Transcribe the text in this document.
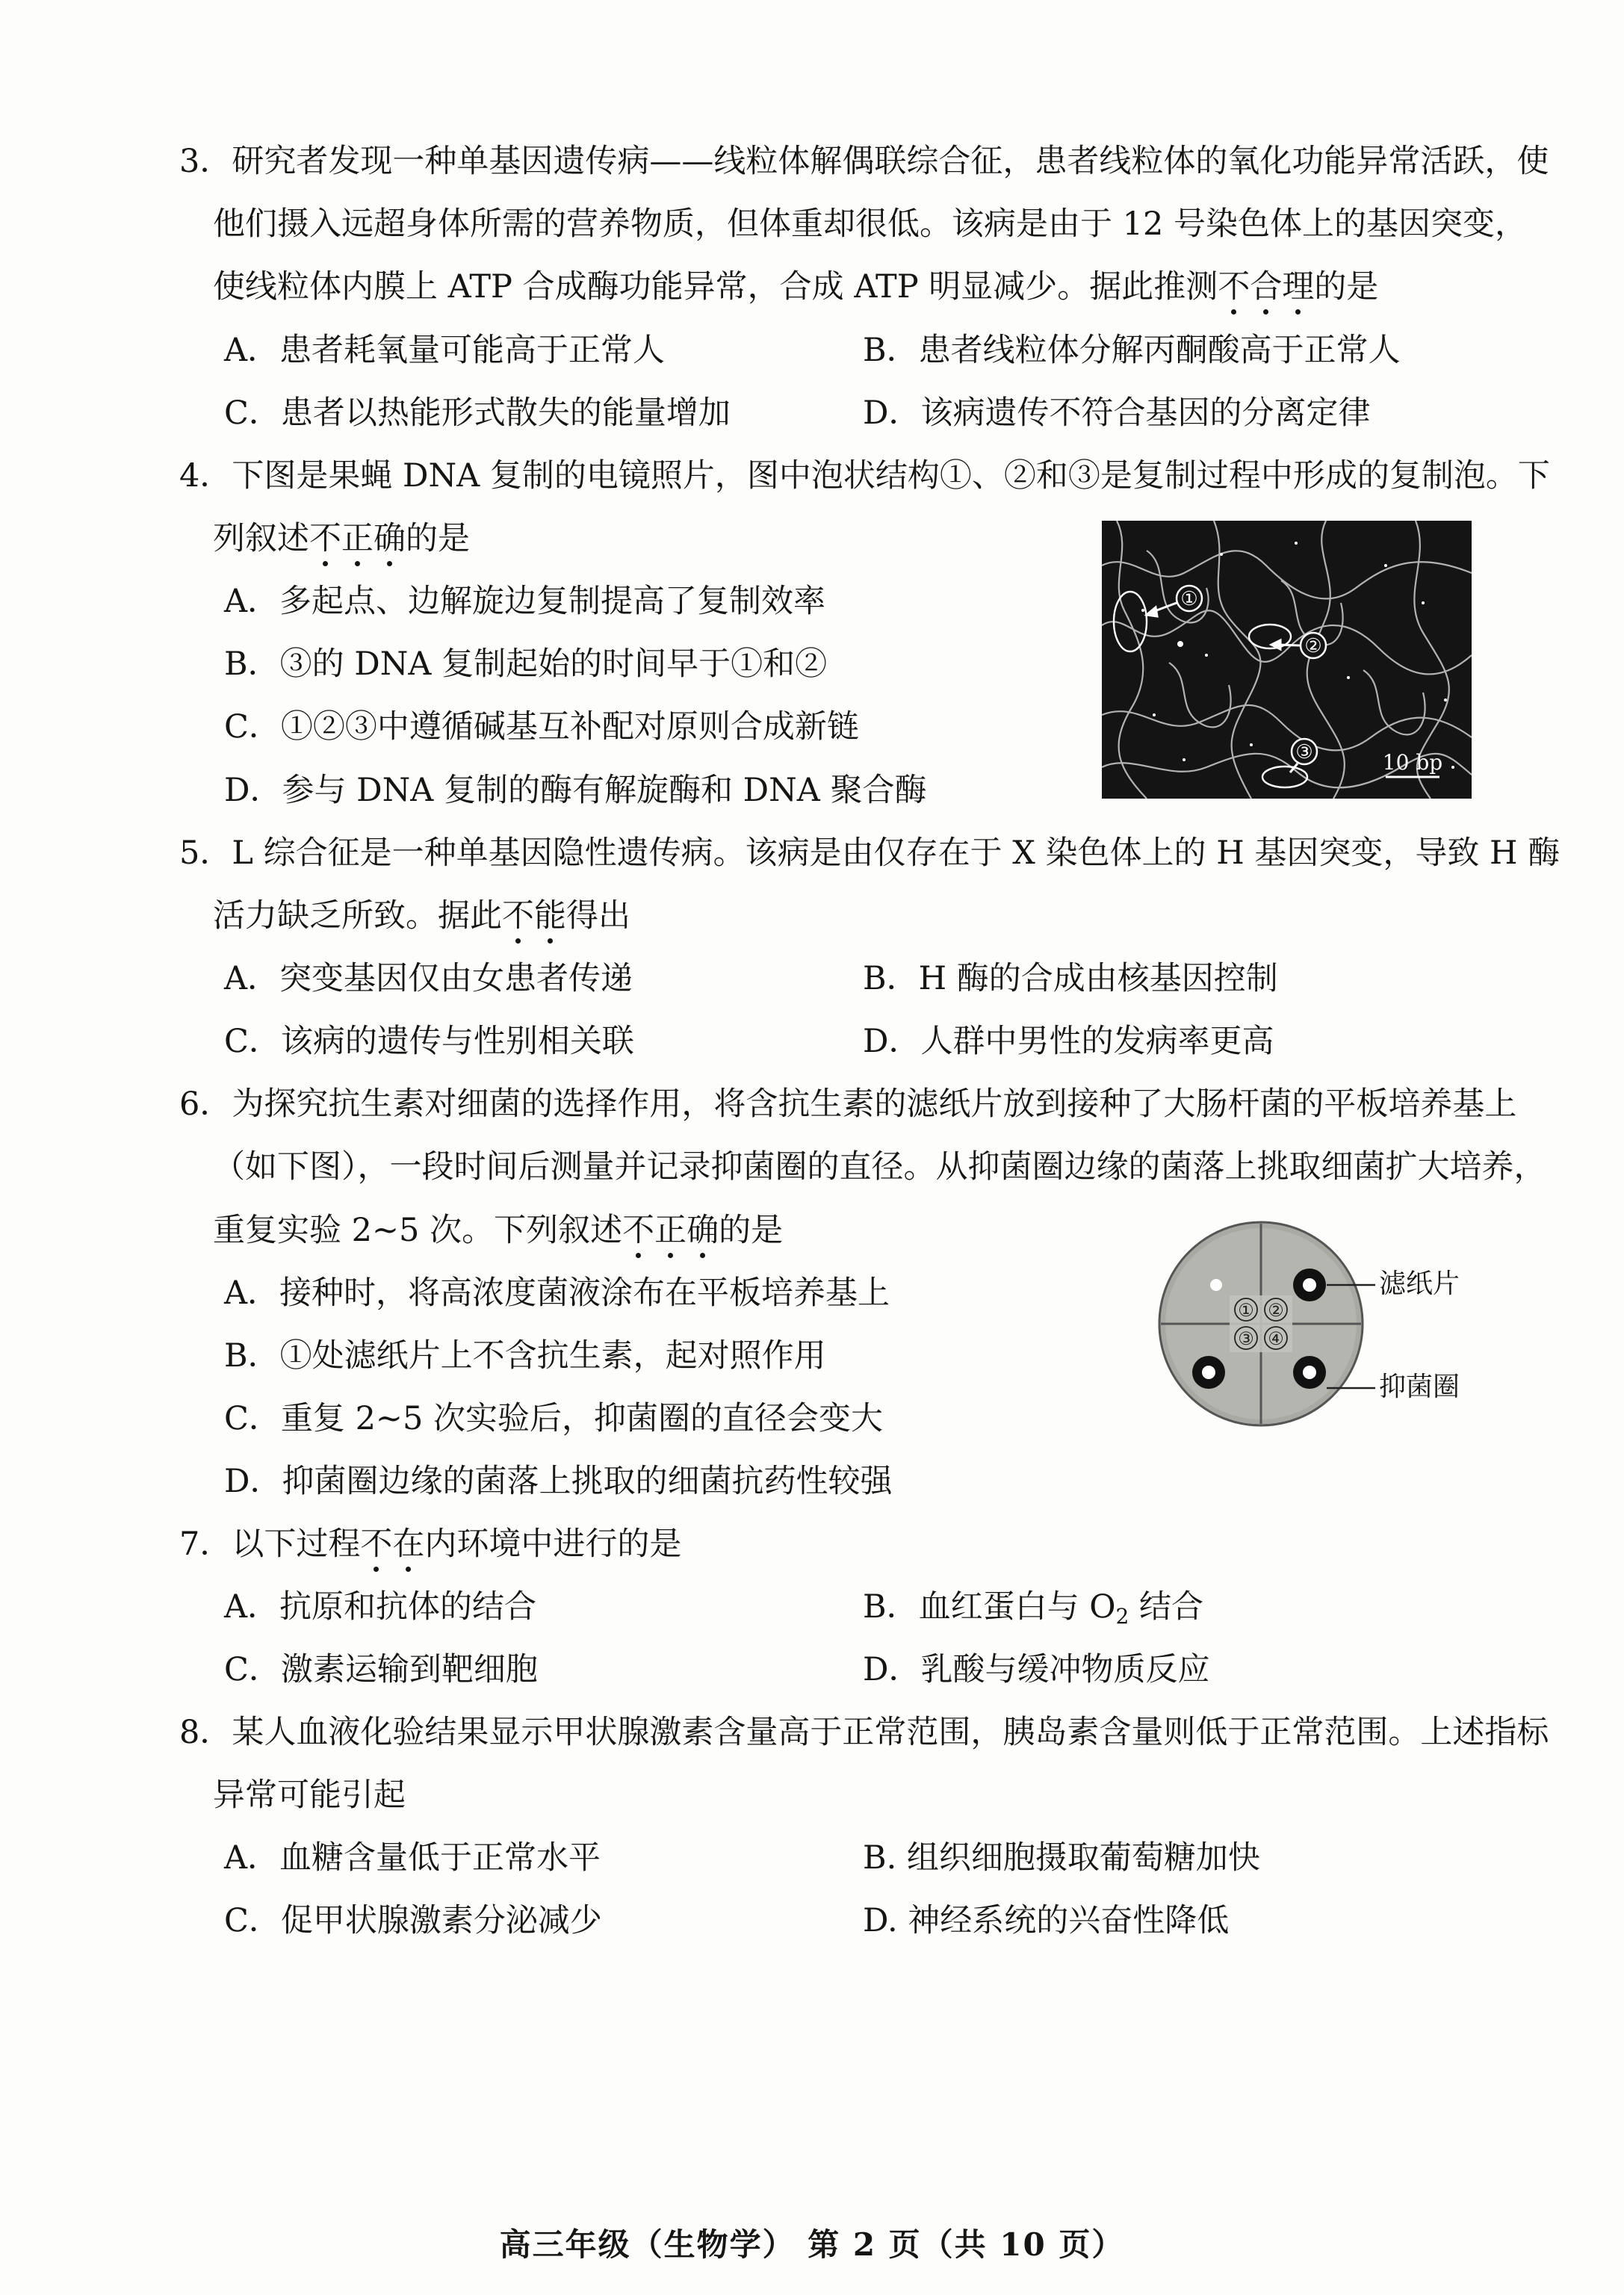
3．研究者发现一种单基因遗传病——线粒体解偶联综合征，患者线粒体的氧化功能异常活跃，使
他们摄入远超身体所需的营养物质，但体重却很低。该病是由于 12 号染色体上的基因突变，
使线粒体内膜上 ATP 合成酶功能异常，合成 ATP 明显减少。据此推测不合理的是
A．患者耗氧量可能高于正常人	B．患者线粒体分解丙酮酸高于正常人
C．患者以热能形式散失的能量增加	D．该病遗传不符合基因的分离定律
4．下图是果蝇 DNA 复制的电镜照片，图中泡状结构①、②和③是复制过程中形成的复制泡。下
列叙述不正确的是
A．多起点、边解旋边复制提高了复制效率
B．③的 DNA 复制起始的时间早于①和②
C．①②③中遵循碱基互补配对原则合成新链
D．参与 DNA 复制的酶有解旋酶和 DNA 聚合酶
①
②
③	10 bp
5．L 综合征是一种单基因隐性遗传病。该病是由仅存在于 X 染色体上的 H 基因突变，导致 H 酶
活力缺乏所致。据此不能得出
A．突变基因仅由女患者传递	B．H 酶的合成由核基因控制
C．该病的遗传与性别相关联	D．人群中男性的发病率更高
6．为探究抗生素对细菌的选择作用，将含抗生素的滤纸片放到接种了大肠杆菌的平板培养基上
（如下图），一段时间后测量并记录抑菌圈的直径。从抑菌圈边缘的菌落上挑取细菌扩大培养，
重复实验 2~5 次。下列叙述不正确的是
A．接种时，将高浓度菌液涂布在平板培养基上
B．①处滤纸片上不含抗生素，起对照作用
C．重复 2~5 次实验后，抑菌圈的直径会变大
D．抑菌圈边缘的菌落上挑取的细菌抗药性较强
① ②
③ ④
滤纸片
抑菌圈
7．以下过程不在内环境中进行的是
A．抗原和抗体的结合	B．血红蛋白与 $O_2$ 结合
C．激素运输到靶细胞	D．乳酸与缓冲物质反应
8．某人血液化验结果显示甲状腺激素含量高于正常范围，胰岛素含量则低于正常范围。上述指标
异常可能引起
A．血糖含量低于正常水平	B. 组织细胞摄取葡萄糖加快
C．促甲状腺激素分泌减少	D. 神经系统的兴奋性降低
高三年级（生物学） 第 2 页（共 10 页）
